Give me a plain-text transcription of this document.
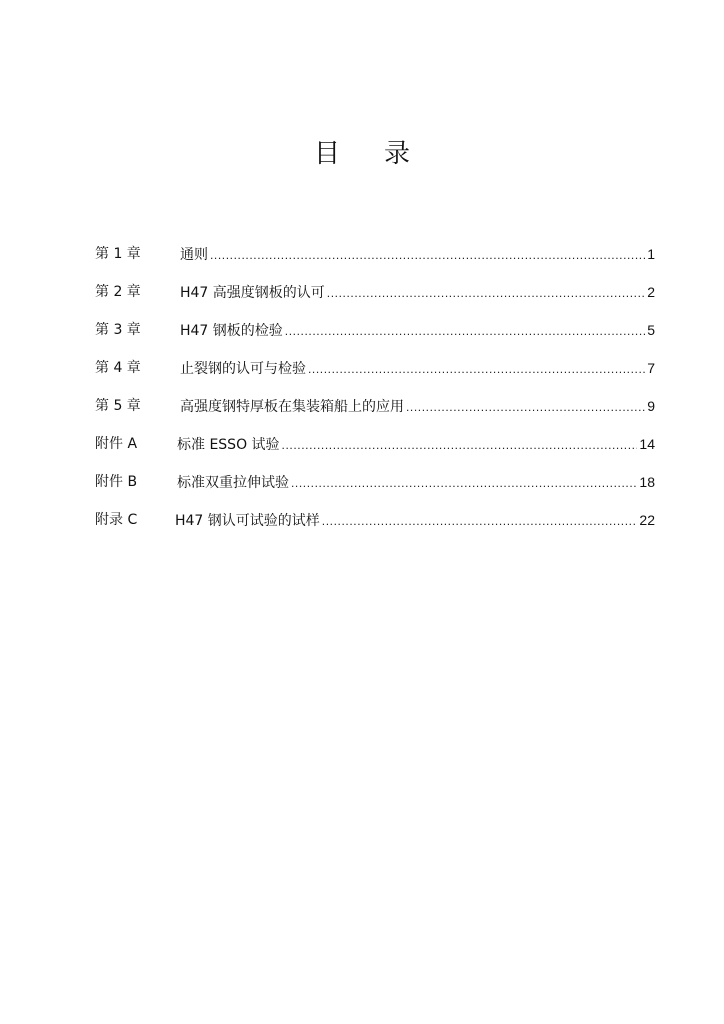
目 录
第 1 章	通则 .....	1
第 2 章	H47 高强度钢板的认可 .....	2
第 3 章	H47 钢板的检验 .....	5
第 4 章	止裂钢的认可与检验 .....	7
第 5 章	高强度钢特厚板在集装箱船上的应用 .....	9
附件 A	标准 ESSO 试验 .....	14
附件 B	标准双重拉伸试验 .....	18
附录 C	H47 钢认可试验的试样 .....	22
